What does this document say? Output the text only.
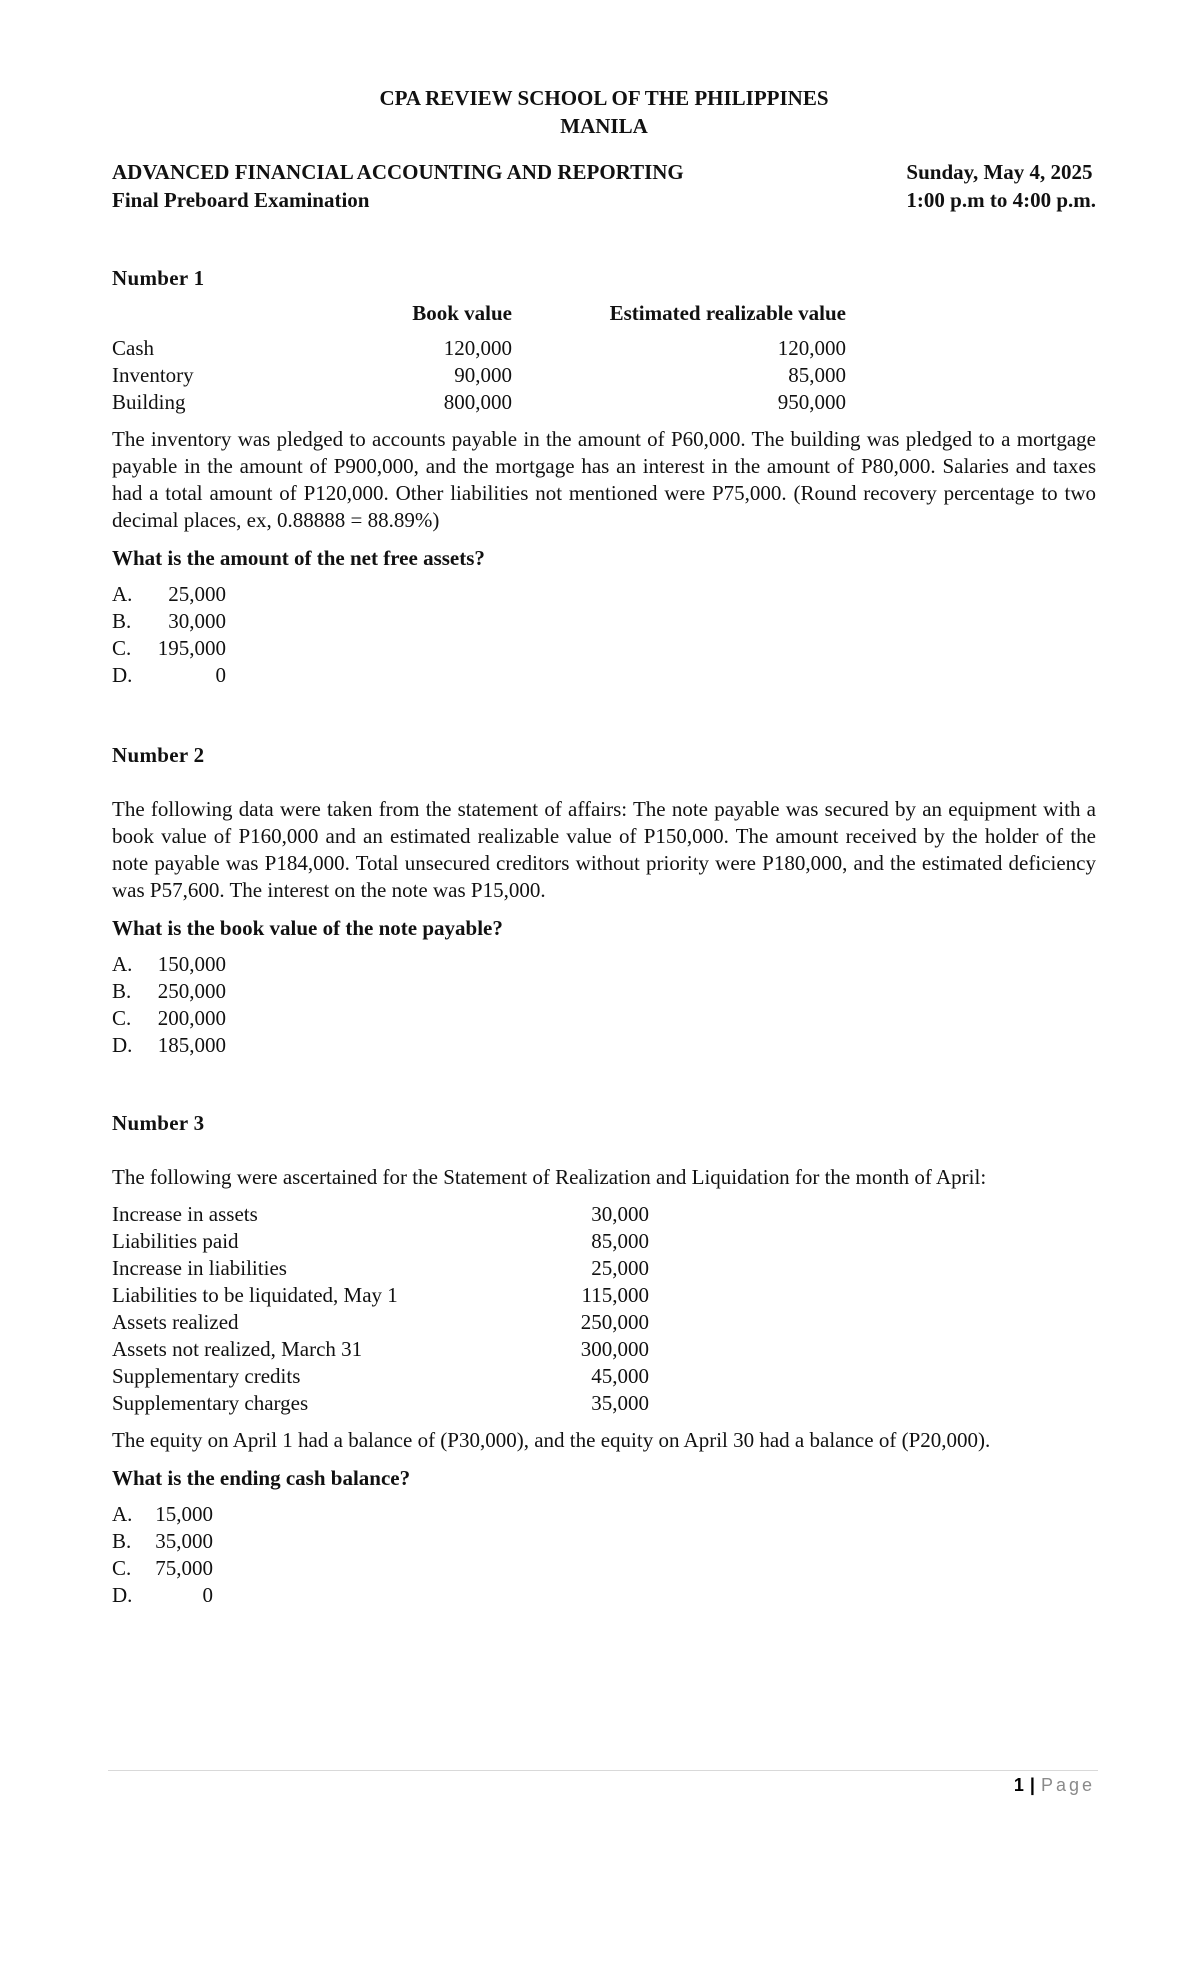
CPA REVIEW SCHOOL OF THE PHILIPPINES
MANILA
ADVANCED FINANCIAL ACCOUNTING AND REPORTING
Final Preboard Examination
Sunday, May 4, 2025
1:00 p.m to 4:00 p.m.
Number 1
	Book value	Estimated realizable value
Cash	120,000	120,000
Inventory	90,000	85,000
Building	800,000	950,000
The inventory was pledged to accounts payable in the amount of P60,000. The building was pledged to a mortgage payable in the amount of P900,000, and the mortgage has an interest in the amount of P80,000. Salaries and taxes had a total amount of P120,000. Other liabilities not mentioned were P75,000. (Round recovery percentage to two decimal places, ex, 0.88888 = 88.89%)
What is the amount of the net free assets?
A.	25,000
B.	30,000
C.	195,000
D.	0
Number 2
The following data were taken from the statement of affairs: The note payable was secured by an equipment with a book value of P160,000 and an estimated realizable value of P150,000. The amount received by the holder of the note payable was P184,000. Total unsecured creditors without priority were P180,000, and the estimated deficiency was P57,600. The interest on the note was P15,000.
What is the book value of the note payable?
A.	150,000
B.	250,000
C.	200,000
D.	185,000
Number 3
The following were ascertained for the Statement of Realization and Liquidation for the month of April:
Increase in assets	30,000
Liabilities paid	85,000
Increase in liabilities	25,000
Liabilities to be liquidated, May 1	115,000
Assets realized	250,000
Assets not realized, March 31	300,000
Supplementary credits	45,000
Supplementary charges	35,000
The equity on April 1 had a balance of (P30,000), and the equity on April 30 had a balance of (P20,000).
What is the ending cash balance?
A.	15,000
B.	35,000
C.	75,000
D.	0
1 | Page
